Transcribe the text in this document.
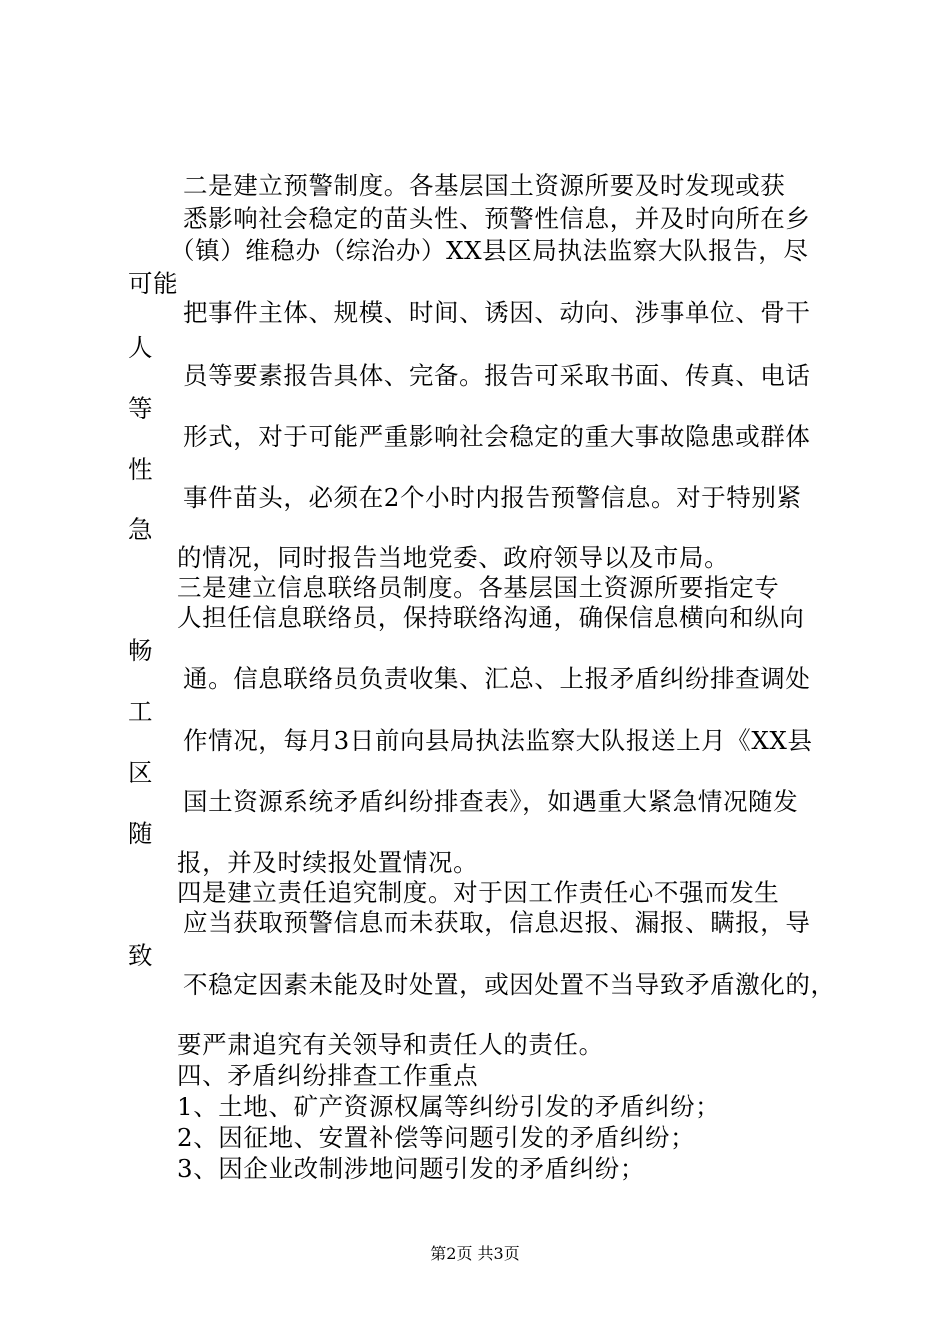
二是建立预警制度。各基层国土资源所要及时发现或获
悉影响社会稳定的苗头性、预警性信息，并及时向所在乡
（镇）维稳办（综治办）XX县区局执法监察大队报告，尽
可能
把事件主体、规模、时间、诱因、动向、涉事单位、骨干
人
员等要素报告具体、完备。报告可采取书面、传真、电话
等
形式，对于可能严重影响社会稳定的重大事故隐患或群体
性
事件苗头，必须在2个小时内报告预警信息。对于特别紧
急
的情况，同时报告当地党委、政府领导以及市局。
三是建立信息联络员制度。各基层国土资源所要指定专
人担任信息联络员，保持联络沟通，确保信息横向和纵向
畅
通。信息联络员负责收集、汇总、上报矛盾纠纷排查调处
工
作情况，每月3日前向县局执法监察大队报送上月《XX县
区
国土资源系统矛盾纠纷排查表》，如遇重大紧急情况随发
随
报，并及时续报处置情况。
四是建立责任追究制度。对于因工作责任心不强而发生
应当获取预警信息而未获取，信息迟报、漏报、瞒报，导
致
不稳定因素未能及时处置，或因处置不当导致矛盾激化的，
要严肃追究有关领导和责任人的责任。
四、矛盾纠纷排查工作重点
1、土地、矿产资源权属等纠纷引发的矛盾纠纷；
2、因征地、安置补偿等问题引发的矛盾纠纷；
3、因企业改制涉地问题引发的矛盾纠纷；
第2页 共3页
